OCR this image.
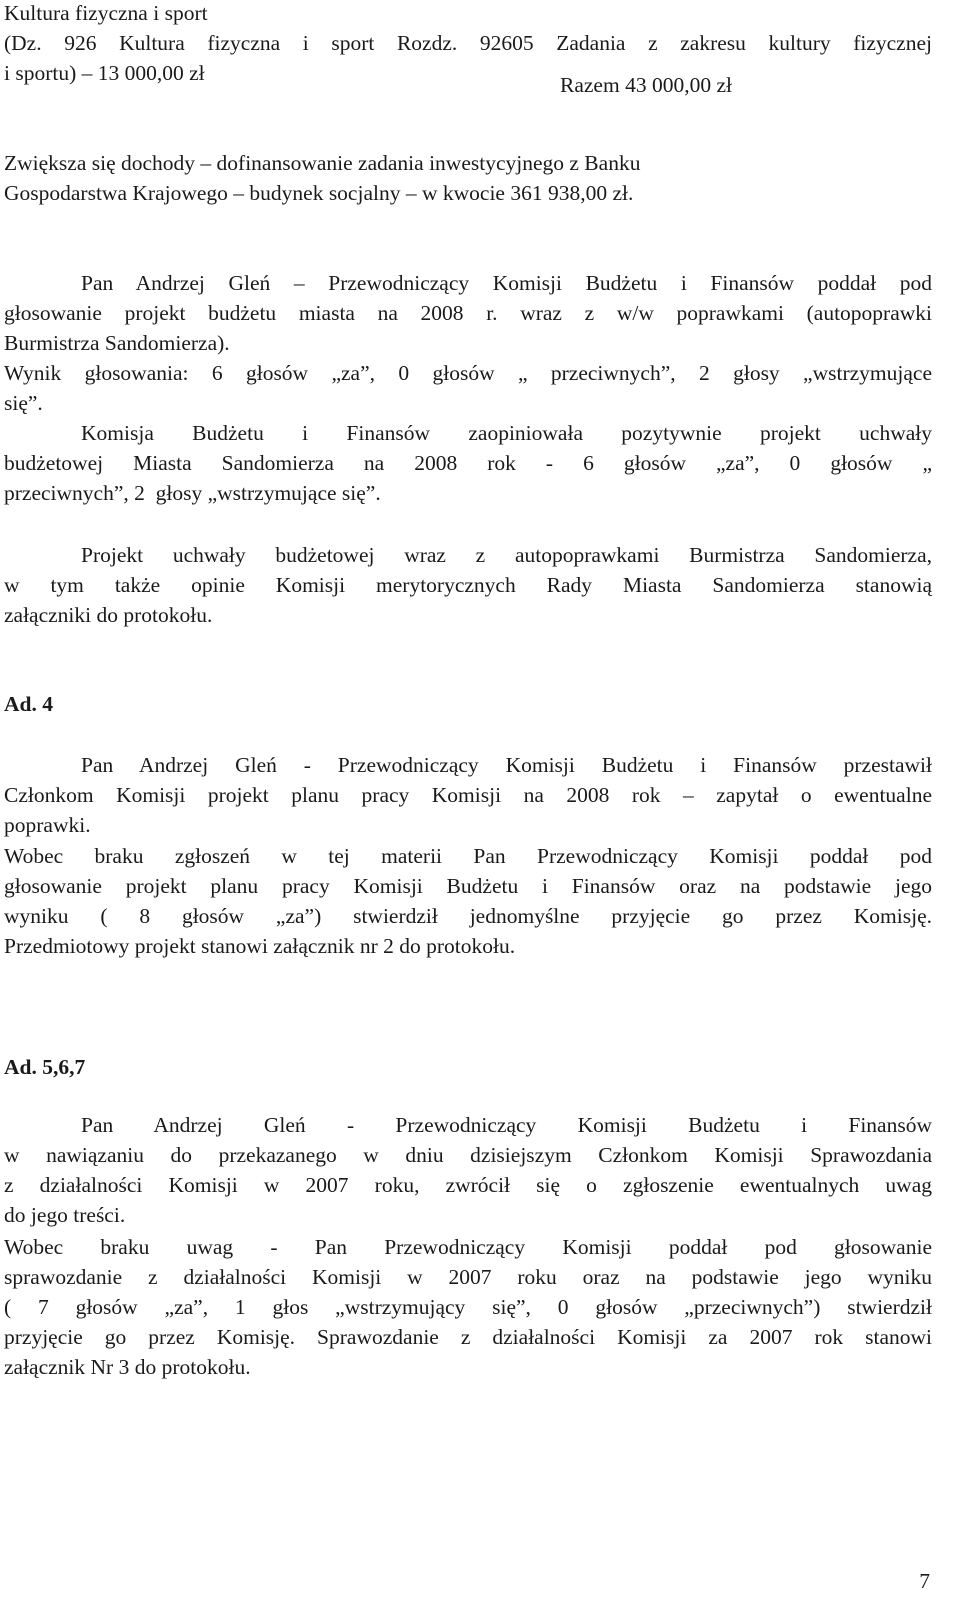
Kultura fizyczna i sport
(Dz. 926 Kultura fizyczna i sport Rozdz. 92605 Zadania z zakresu kultury fizycznej
i sportu) – 13 000,00 zł	Razem 43 000,00 zł
Zwiększa się dochody – dofinansowanie zadania inwestycyjnego z Banku
Gospodarstwa Krajowego – budynek socjalny – w kwocie 361 938,00 zł.
Pan Andrzej Gleń – Przewodniczący Komisji Budżetu i Finansów poddał pod
głosowanie projekt budżetu miasta na 2008 r. wraz z w/w poprawkami (autopoprawki
Burmistrza Sandomierza).
Wynik głosowania: 6 głosów „za”, 0 głosów „ przeciwnych”, 2 głosy „wstrzymujące
się”.
Komisja Budżetu i Finansów zaopiniowała pozytywnie projekt uchwały
budżetowej Miasta Sandomierza na 2008 rok - 6 głosów „za”, 0 głosów „
przeciwnych”, 2  głosy „wstrzymujące się”.
Projekt uchwały budżetowej wraz z autopoprawkami Burmistrza Sandomierza,
w tym także opinie Komisji merytorycznych Rady Miasta Sandomierza stanowią
załączniki do protokołu.
Ad. 4
Pan Andrzej Gleń - Przewodniczący Komisji Budżetu i Finansów przestawił
Członkom Komisji projekt planu pracy Komisji na 2008 rok – zapytał o ewentualne
poprawki.
Wobec braku zgłoszeń w tej materii Pan Przewodniczący Komisji poddał pod
głosowanie projekt planu pracy Komisji Budżetu i Finansów oraz na podstawie jego
wyniku ( 8 głosów „za”) stwierdził jednomyślne przyjęcie go przez Komisję.
Przedmiotowy projekt stanowi załącznik nr 2 do protokołu.
Ad. 5,6,7
Pan Andrzej Gleń - Przewodniczący Komisji Budżetu i Finansów
w nawiązaniu do przekazanego w dniu dzisiejszym Członkom Komisji Sprawozdania
z działalności Komisji w 2007 roku, zwrócił się o zgłoszenie ewentualnych uwag
do jego treści.
Wobec braku uwag - Pan Przewodniczący Komisji poddał pod głosowanie
sprawozdanie z działalności Komisji w 2007 roku oraz na podstawie jego wyniku
( 7 głosów „za”, 1 głos „wstrzymujący się”, 0 głosów „przeciwnych”) stwierdził
przyjęcie go przez Komisję. Sprawozdanie z działalności Komisji za 2007 rok stanowi
załącznik Nr 3 do protokołu.
7
